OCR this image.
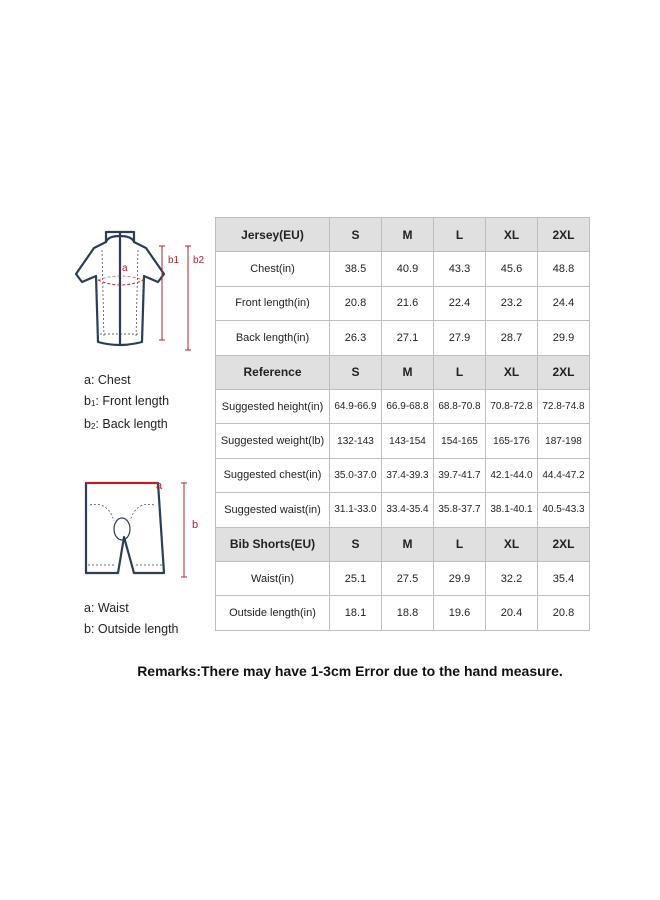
a
b1 b2
a: Chest
b1: Front length
b2: Back length
a
b
a: Waist
b: Outside length
Jersey(EU)	S	M	L	XL	2XL
Chest(in)	38.5	40.9	43.3	45.6	48.8
Front length(in)	20.8	21.6	22.4	23.2	24.4
Back length(in)	26.3	27.1	27.9	28.7	29.9
Reference	S	M	L	XL	2XL
Suggested height(in)	64.9-66.9	66.9-68.8	68.8-70.8	70.8-72.8	72.8-74.8
Suggested weight(lb)	132-143	143-154	154-165	165-176	187-198
Suggested chest(in)	35.0-37.0	37.4-39.3	39.7-41.7	42.1-44.0	44.4-47.2
Suggested waist(in)	31.1-33.0	33.4-35.4	35.8-37.7	38.1-40.1	40.5-43.3
Bib Shorts(EU)	S	M	L	XL	2XL
Waist(in)	25.1	27.5	29.9	32.2	35.4
Outside length(in)	18.1	18.8	19.6	20.4	20.8
Remarks:There may have 1-3cm Error due to the hand measure.
